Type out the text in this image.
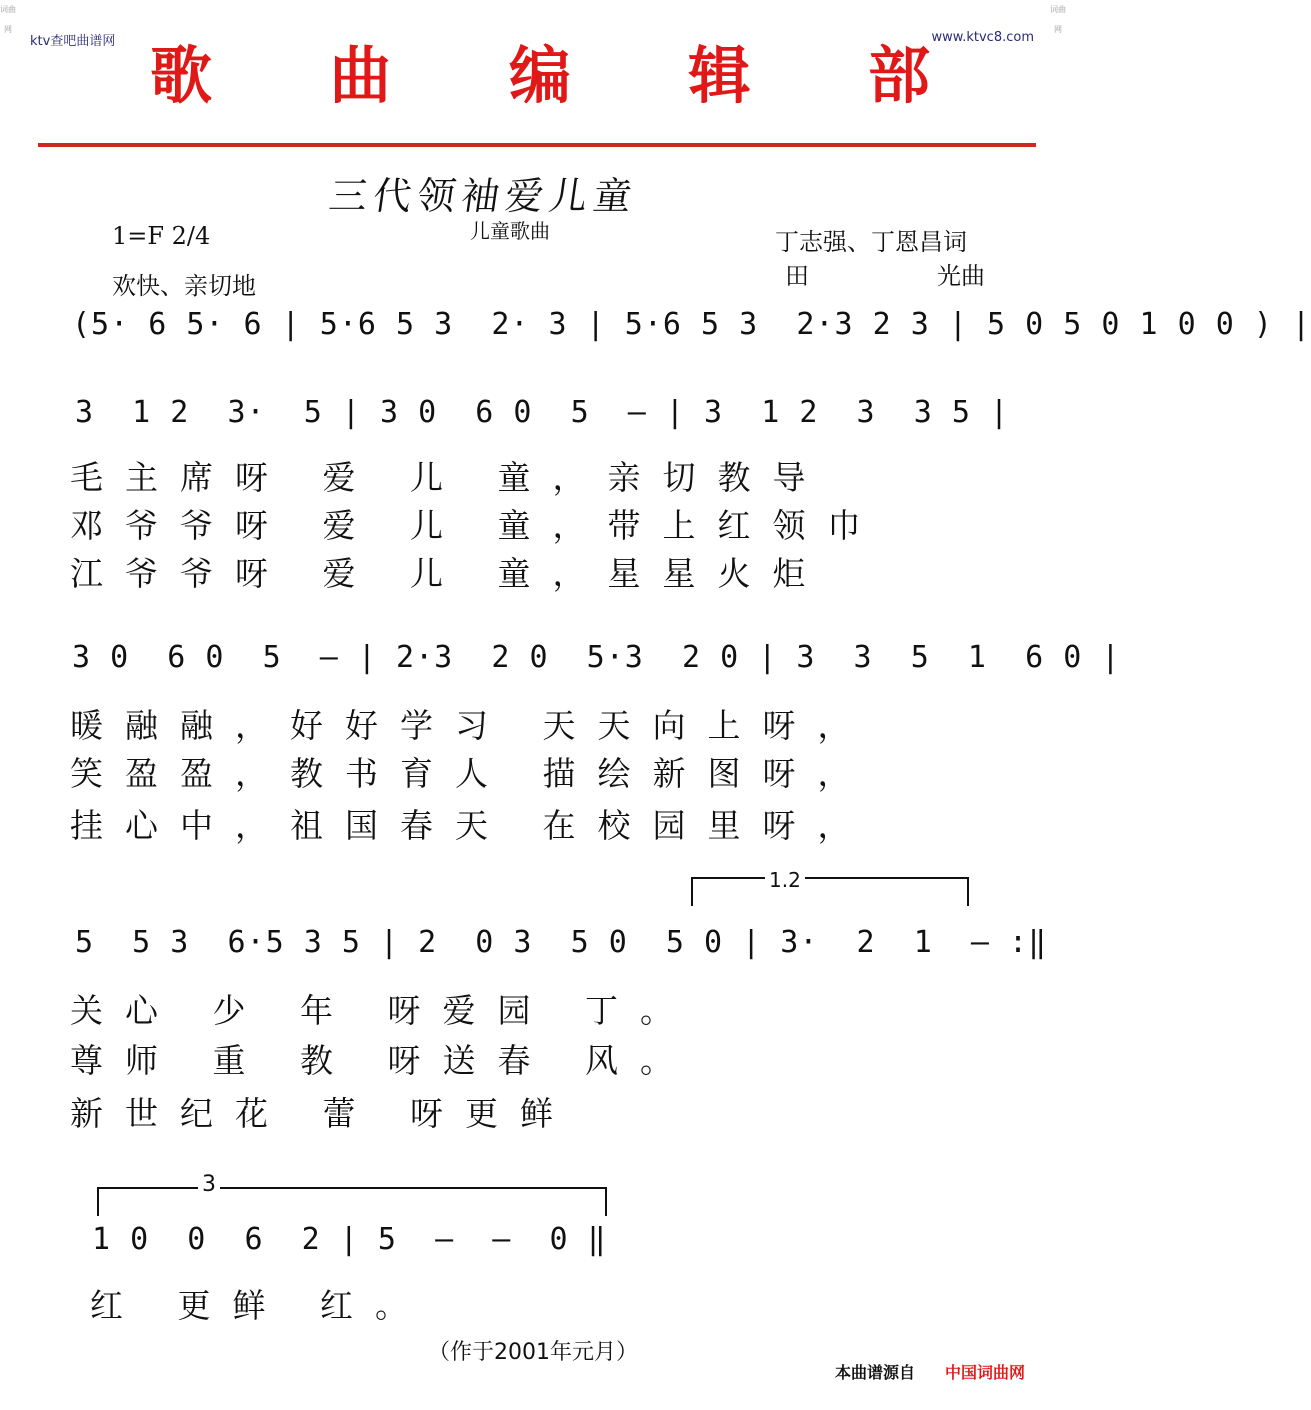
词曲网
词曲网
ktv查吧曲谱网	www.ktvc8.com
歌 曲 编 辑 部
三代领袖爱儿童
儿童歌曲
1=F 2/4
欢快、亲切地
丁志强、丁恩昌词
田	光曲
(5· 6 5· 6 | 5·6 5 3  2· 3 | 5·6 5 3  2·3 2 3 | 5 0 5 0 1 0 0 ) |
3  1 2  3·  5 | 3 0  6 0  5  — | 3  1 2  3  3 5 |
毛主席呀 爱 儿 童，亲切教导
邓爷爷呀 爱 儿 童，带上红领巾
江爷爷呀 爱 儿 童，星星火炬
3 0  6 0  5  — | 2·3  2 0  5·3  2 0 | 3  3  5  1  6 0 |
暖融融，好好学习 天天向上呀，
笑盈盈，教书育人 描绘新图呀，
挂心中，祖国春天 在校园里呀，
1.2
5  5 3  6·5 3 5 | 2  0 3  5 0  5 0 | 3·  2  1  — :‖
关心 少 年 呀爱园 丁。
尊师 重 教 呀送春 风。
新世纪花 蕾 呀更鲜
3
1 0  0  6  2 | 5  —  —  0 ‖
红 更鲜 红。
（作于2001年元月）
本曲谱源自 中国词曲网
